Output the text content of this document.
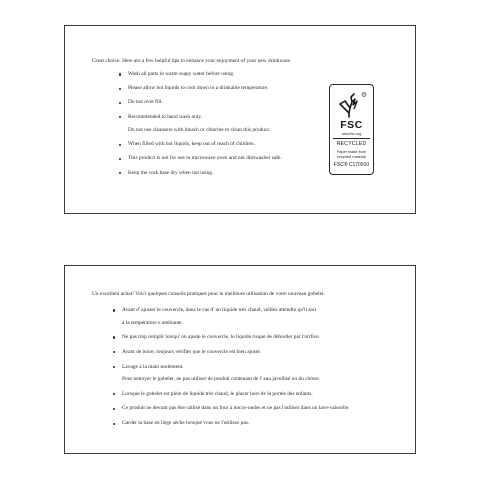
Great choice. Here are a few helpful tips to enhance your enjoyment of your new drinkware.
Wash all parts in warm soapy water before using.
Please allow hot liquids to cool down to a drinkable temperature.
Do not over fill.
Recommended to hand wash only.
Do not use cleansers with bleach or chlorine to clean this product.
When filled with hot liquids, keep out of reach of children.
This product is not for use in microwave oven and not dishwasher safe.
Keep the cork base dry when not using.
R
FSC
www.fsc.org
RECYCLED
Paper made from
recycled material
FSC® C170910
Un excellent achat! Voici quelques conseils pratiques pour la meilleure utilisation de votre nouveau gobelet.
Avant d' ajuster le couvercle, dans le cas d' un liquide très chaud, veillez attendre qu'il soit
à la température e ambiante.
Ne pas trop remplir lorsqu' on ajuste le couvercle, le liquide risque de déborder par l'orifice.
Avant de boire, toujours vérifier que le couvercle est bien ajusté.
Lavage à la main seulement.
Pour nettoyer le gobelet, ne pas utiliser de produit contenant de l' eau javellisé ou du chlore.
Lorsque le gobelet est plein de liquide très chaud, le placer hors de la portée des enfants.
Ce produit ne devrait pas être utilisé dans un four à micro-ondes et ne pas l'utiliser dans un lave-vaisselle.
Garder la base en liège sèche lorsque vous ne l'utilisez pas.
